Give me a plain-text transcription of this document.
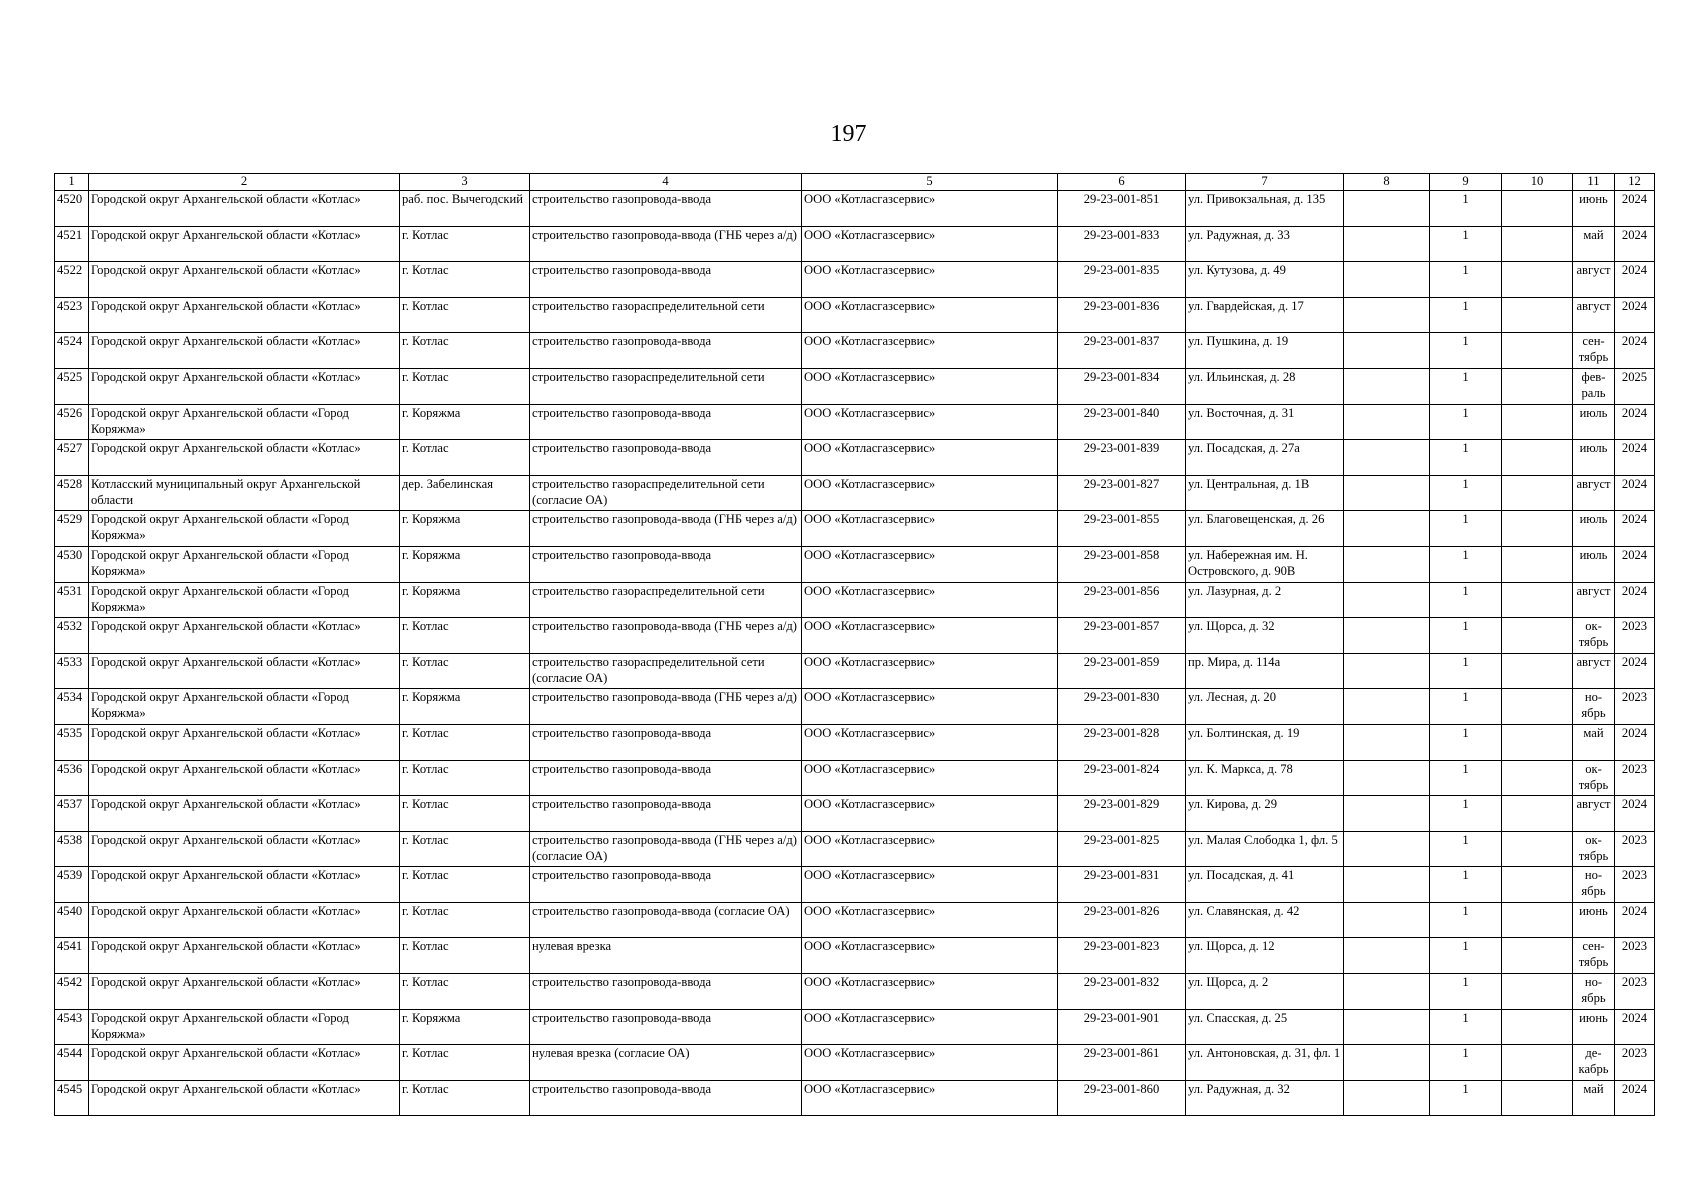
197
1	2	3	4	5	6	7	8	9	10	11	12
4520	Городской округ Архангельской области «Котлас»	раб. пос. Вычегодский	строительство газопровода-ввода	ООО «Котласгазсервис»	29-23-001-851	ул. Привокзальная, д. 135		1		июнь	2024
4521	Городской округ Архангельской области «Котлас»	г. Котлас	строительство газопровода-ввода (ГНБ через а/д)	ООО «Котласгазсервис»	29-23-001-833	ул. Радужная, д. 33		1		май	2024
4522	Городской округ Архангельской области «Котлас»	г. Котлас	строительство газопровода-ввода	ООО «Котласгазсервис»	29-23-001-835	ул. Кутузова, д. 49		1		август	2024
4523	Городской округ Архангельской области «Котлас»	г. Котлас	строительство газораспределительной сети	ООО «Котласгазсервис»	29-23-001-836	ул. Гвардейская, д. 17		1		август	2024
4524	Городской округ Архангельской области «Котлас»	г. Котлас	строительство газопровода-ввода	ООО «Котласгазсервис»	29-23-001-837	ул. Пушкина, д. 19		1		сен-тябрь	2024
4525	Городской округ Архангельской области «Котлас»	г. Котлас	строительство газораспределительной сети	ООО «Котласгазсервис»	29-23-001-834	ул. Ильинская, д. 28		1		фев-раль	2025
4526	Городской округ Архангельской области «Город Коряжма»	г. Коряжма	строительство газопровода-ввода	ООО «Котласгазсервис»	29-23-001-840	ул. Восточная, д. 31		1		июль	2024
4527	Городской округ Архангельской области «Котлас»	г. Котлас	строительство газопровода-ввода	ООО «Котласгазсервис»	29-23-001-839	ул. Посадская, д. 27а		1		июль	2024
4528	Котласский муниципальный округ Архангельской области	дер. Забелинская	строительство газораспределительной сети (согласие ОА)	ООО «Котласгазсервис»	29-23-001-827	ул. Центральная, д. 1В		1		август	2024
4529	Городской округ Архангельской области «Город Коряжма»	г. Коряжма	строительство газопровода-ввода (ГНБ через а/д)	ООО «Котласгазсервис»	29-23-001-855	ул. Благовещенская, д. 26		1		июль	2024
4530	Городской округ Архангельской области «Город Коряжма»	г. Коряжма	строительство газопровода-ввода	ООО «Котласгазсервис»	29-23-001-858	ул. Набережная им. Н. Островского, д. 90В		1		июль	2024
4531	Городской округ Архангельской области «Город Коряжма»	г. Коряжма	строительство газораспределительной сети	ООО «Котласгазсервис»	29-23-001-856	ул. Лазурная, д. 2		1		август	2024
4532	Городской округ Архангельской области «Котлас»	г. Котлас	строительство газопровода-ввода (ГНБ через а/д)	ООО «Котласгазсервис»	29-23-001-857	ул. Щорса, д. 32		1		ок-тябрь	2023
4533	Городской округ Архангельской области «Котлас»	г. Котлас	строительство газораспределительной сети (согласие ОА)	ООО «Котласгазсервис»	29-23-001-859	пр. Мира, д. 114а		1		август	2024
4534	Городской округ Архангельской области «Город Коряжма»	г. Коряжма	строительство газопровода-ввода (ГНБ через а/д)	ООО «Котласгазсервис»	29-23-001-830	ул. Лесная, д. 20		1		но-ябрь	2023
4535	Городской округ Архангельской области «Котлас»	г. Котлас	строительство газопровода-ввода	ООО «Котласгазсервис»	29-23-001-828	ул. Болтинская, д. 19		1		май	2024
4536	Городской округ Архангельской области «Котлас»	г. Котлас	строительство газопровода-ввода	ООО «Котласгазсервис»	29-23-001-824	ул. К. Маркса, д. 78		1		ок-тябрь	2023
4537	Городской округ Архангельской области «Котлас»	г. Котлас	строительство газопровода-ввода	ООО «Котласгазсервис»	29-23-001-829	ул. Кирова, д. 29		1		август	2024
4538	Городской округ Архангельской области «Котлас»	г. Котлас	строительство газопровода-ввода (ГНБ через а/д) (согласие ОА)	ООО «Котласгазсервис»	29-23-001-825	ул. Малая Слободка 1, фл. 5		1		ок-тябрь	2023
4539	Городской округ Архангельской области «Котлас»	г. Котлас	строительство газопровода-ввода	ООО «Котласгазсервис»	29-23-001-831	ул. Посадская, д. 41		1		но-ябрь	2023
4540	Городской округ Архангельской области «Котлас»	г. Котлас	строительство газопровода-ввода (согласие ОА)	ООО «Котласгазсервис»	29-23-001-826	ул. Славянская, д. 42		1		июнь	2024
4541	Городской округ Архангельской области «Котлас»	г. Котлас	нулевая врезка	ООО «Котласгазсервис»	29-23-001-823	ул. Щорса, д. 12		1		сен-тябрь	2023
4542	Городской округ Архангельской области «Котлас»	г. Котлас	строительство газопровода-ввода	ООО «Котласгазсервис»	29-23-001-832	ул. Щорса, д. 2		1		но-ябрь	2023
4543	Городской округ Архангельской области «Город Коряжма»	г. Коряжма	строительство газопровода-ввода	ООО «Котласгазсервис»	29-23-001-901	ул. Спасская, д. 25		1		июнь	2024
4544	Городской округ Архангельской области «Котлас»	г. Котлас	нулевая врезка (согласие ОА)	ООО «Котласгазсервис»	29-23-001-861	ул. Антоновская, д. 31, фл. 1		1		де-кабрь	2023
4545	Городской округ Архангельской области «Котлас»	г. Котлас	строительство газопровода-ввода	ООО «Котласгазсервис»	29-23-001-860	ул. Радужная, д. 32		1		май	2024
